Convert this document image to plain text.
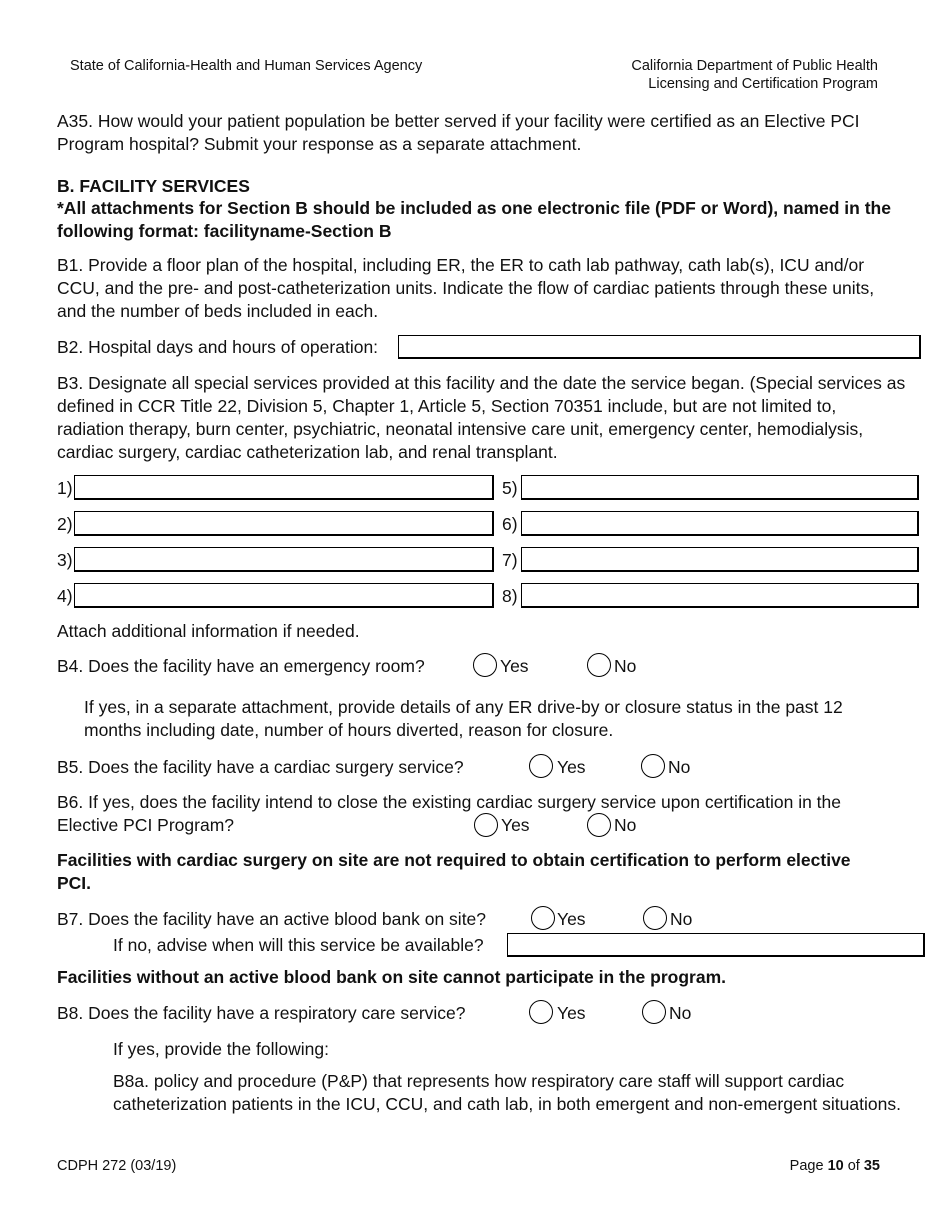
State of California-Health and Human Services Agency	California Department of Public Health
Licensing and Certification Program
A35. How would your patient population be better served if your facility were certified as an Elective PCI Program hospital? Submit your response as a separate attachment.
B. FACILITY SERVICES
*All attachments for Section B should be included as one electronic file (PDF or Word), named in the following format: facilityname-Section B
B1. Provide a floor plan of the hospital, including ER, the ER to cath lab pathway, cath lab(s), ICU and/or CCU, and the pre- and post-catheterization units. Indicate the flow of cardiac patients through these units, and the number of beds included in each.
B2. Hospital days and hours of operation:
B3. Designate all special services provided at this facility and the date the service began. (Special services as defined in CCR Title 22, Division 5, Chapter 1, Article 5, Section 70351 include, but are not limited to, radiation therapy, burn center, psychiatric, neonatal intensive care unit, emergency center, hemodialysis, cardiac surgery, cardiac catheterization lab, and renal transplant.
1)
2)
3)
4)
5)
6)
7)
8)
Attach additional information if needed.
B4. Does the facility have an emergency room?	Yes	No
If yes, in a separate attachment, provide details of any ER drive-by or closure status in the past 12 months including date, number of hours diverted, reason for closure.
B5. Does the facility have a cardiac surgery service?	Yes	No
B6. If yes, does the facility intend to close the existing cardiac surgery service upon certification in the
Elective PCI Program?	Yes	No
Facilities with cardiac surgery on site are not required to obtain certification to perform elective PCI.
B7. Does the facility have an active blood bank on site?	Yes	No
If no, advise when will this service be available?
Facilities without an active blood bank on site cannot participate in the program.
B8. Does the facility have a respiratory care service?	Yes	No
If yes, provide the following:
B8a. policy and procedure (P&P) that represents how respiratory care staff will support cardiac catheterization patients in the ICU, CCU, and cath lab, in both emergent and non-emergent situations.
CDPH 272 (03/19)	Page 10 of 35
